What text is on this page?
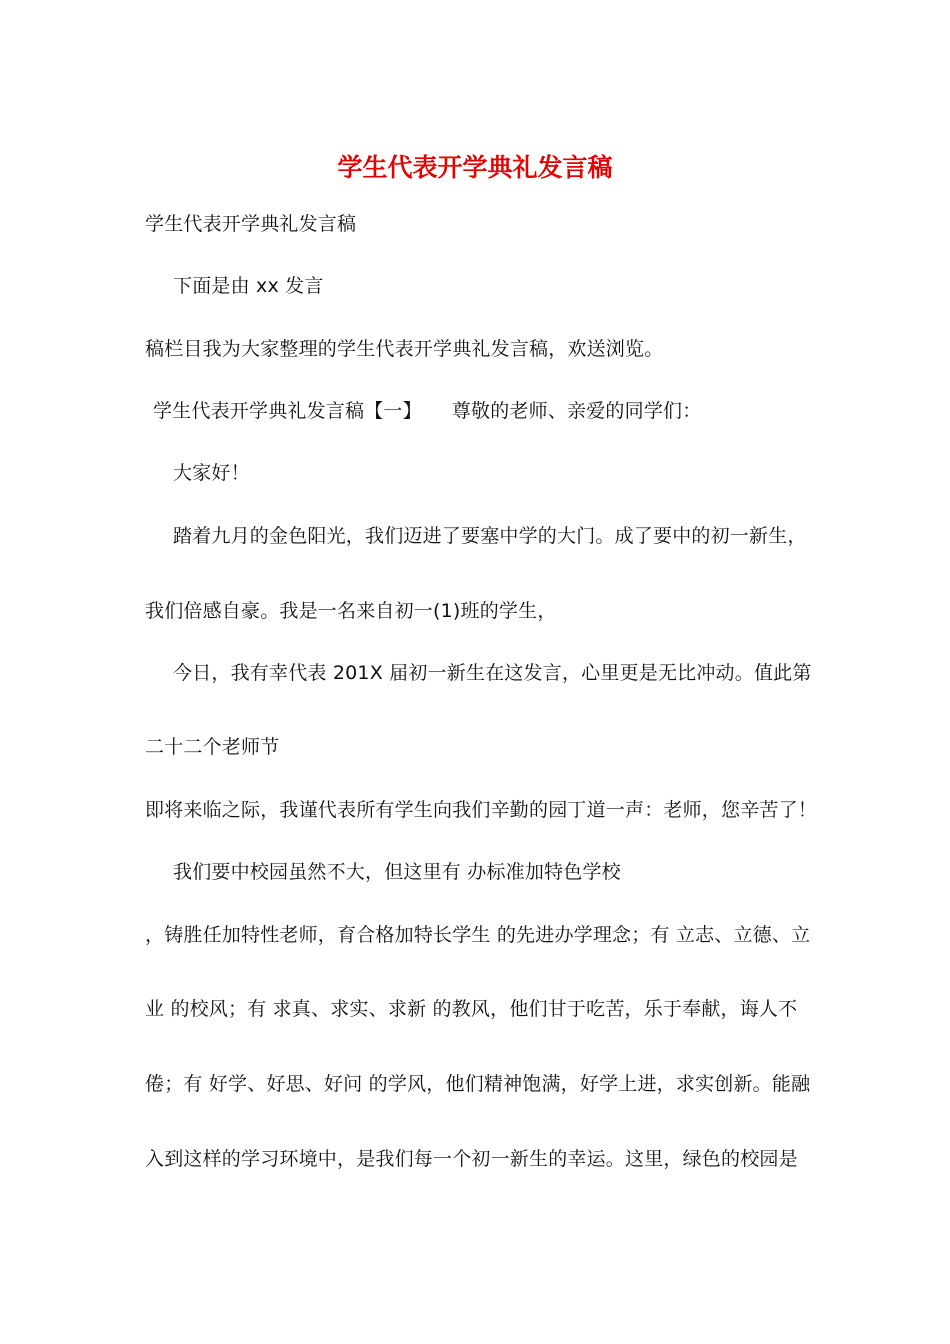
学生代表开学典礼发言稿
学生代表开学典礼发言稿
下面是由 xx 发言
稿栏目我为大家整理的学生代表开学典礼发言稿，欢送浏览。
学生代表开学典礼发言稿【一】 尊敬的老师、亲爱的同学们：
大家好！
踏着九月的金色阳光，我们迈进了要塞中学的大门。成了要中的初一新生，
我们倍感自豪。我是一名来自初一(1)班的学生，
今日，我有幸代表 201X 届初一新生在这发言，心里更是无比冲动。值此第
二十二个老师节
即将来临之际，我谨代表所有学生向我们辛勤的园丁道一声：老师，您辛苦了！
我们要中校园虽然不大，但这里有 办标准加特色学校
，铸胜任加特性老师，育合格加特长学生 的先进办学理念；有 立志、立德、立
业 的校风；有 求真、求实、求新 的教风，他们甘于吃苦，乐于奉献，诲人不
倦；有 好学、好思、好问 的学风，他们精神饱满，好学上进，求实创新。能融
入到这样的学习环境中，是我们每一个初一新生的幸运。这里，绿色的校园是
